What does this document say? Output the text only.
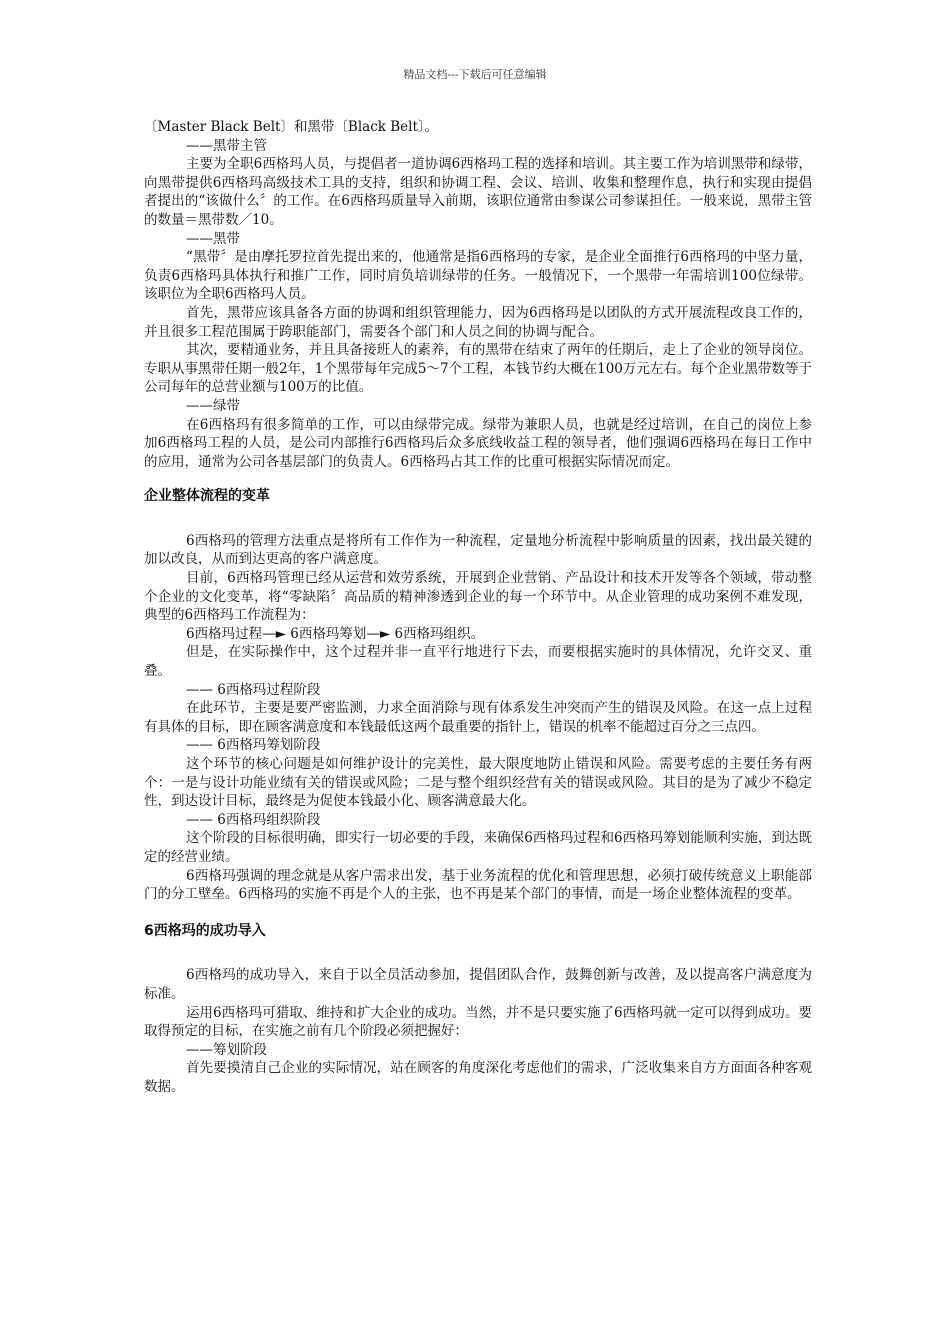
精品文档---下载后可任意编辑

〔Master Black Belt〕和黑带〔Black Belt〕。

——黑带主管

主要为全职6西格玛人员，与提倡者一道协调6西格玛工程的选择和培训。其主要工作为培训黑带和绿带，向黑带提供6西格玛高级技术工具的支持，组织和协调工程、会议、培训、收集和整理作息，执行和实现由提倡者提出的“该做什么〞的工作。在6西格玛质量导入前期，该职位通常由参谋公司参谋担任。一般来说，黑带主管的数量＝黑带数／10。

——黑带

“黑带〞是由摩托罗拉首先提出来的，他通常是指6西格玛的专家，是企业全面推行6西格玛的中坚力量，负责6西格玛具体执行和推广工作，同时肩负培训绿带的任务。一般情况下，一个黑带一年需培训100位绿带。该职位为全职6西格玛人员。

首先，黑带应该具备各方面的协调和组织管理能力，因为6西格玛是以团队的方式开展流程改良工作的，并且很多工程范围属于跨职能部门，需要各个部门和人员之间的协调与配合。

其次，要精通业务，并且具备接班人的素养，有的黑带在结束了两年的任期后，走上了企业的领导岗位。专职从事黑带任期一般2年，1个黑带每年完成5～7个工程，本钱节约大概在100万元左右。每个企业黑带数等于公司每年的总营业额与100万的比值。

——绿带

在6西格玛有很多简单的工作，可以由绿带完成。绿带为兼职人员，也就是经过培训，在自己的岗位上参加6西格玛工程的人员，是公司内部推行6西格玛后众多底线收益工程的领导者，他们强调6西格玛在每日工作中的应用，通常为公司各基层部门的负责人。6西格玛占其工作的比重可根据实际情况而定。

企业整体流程的变革

6西格玛的管理方法重点是将所有工作作为一种流程，定量地分析流程中影响质量的因素，找出最关键的加以改良，从而到达更高的客户满意度。

目前，6西格玛管理已经从运营和效劳系统，开展到企业营销、产品设计和技术开发等各个领域，带动整个企业的文化变革，将“零缺陷〞高品质的精神渗透到企业的每一个环节中。从企业管理的成功案例不难发现，典型的6西格玛工作流程为：

6西格玛过程—► 6西格玛筹划—► 6西格玛组织。

但是，在实际操作中，这个过程并非一直平行地进行下去，而要根据实施时的具体情况，允许交叉、重叠。

—— 6西格玛过程阶段

在此环节，主要是要严密监测，力求全面消除与现有体系发生冲突而产生的错误及风险。在这一点上过程有具体的目标，即在顾客满意度和本钱最低这两个最重要的指针上，错误的机率不能超过百分之三点四。

—— 6西格玛筹划阶段

这个环节的核心问题是如何维护设计的完美性，最大限度地防止错误和风险。需要考虑的主要任务有两个：一是与设计功能业绩有关的错误或风险；二是与整个组织经营有关的错误或风险。其目的是为了减少不稳定性，到达设计目标，最终是为促使本钱最小化、顾客满意最大化。

—— 6西格玛组织阶段

这个阶段的目标很明确，即实行一切必要的手段，来确保6西格玛过程和6西格玛筹划能顺利实施，到达既定的经营业绩。

6西格玛强调的理念就是从客户需求出发，基于业务流程的优化和管理思想，必须打破传统意义上职能部门的分工壁垒。6西格玛的实施不再是个人的主张，也不再是某个部门的事情，而是一场企业整体流程的变革。

6西格玛的成功导入

6西格玛的成功导入，来自于以全员活动参加，提倡团队合作，鼓舞创新与改善，及以提高客户满意度为标准。

运用6西格玛可猎取、维持和扩大企业的成功。当然，并不是只要实施了6西格玛就一定可以得到成功。要取得预定的目标，在实施之前有几个阶段必须把握好：

——筹划阶段

首先要摸清自己企业的实际情况，站在顾客的角度深化考虑他们的需求，广泛收集来自方方面面各种客观数据。
